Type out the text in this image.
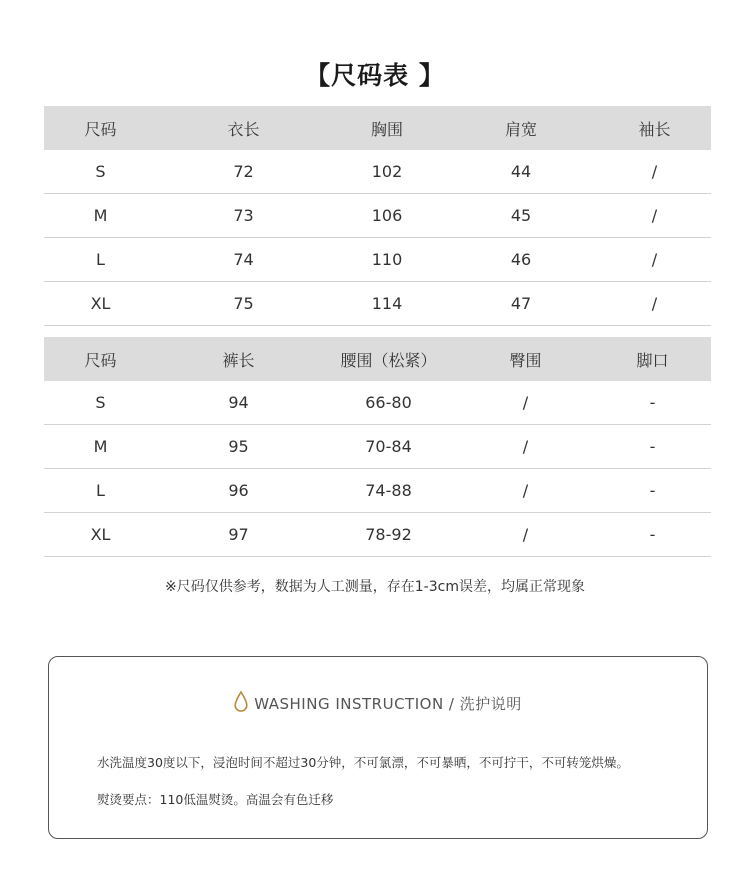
【尺码表 】
尺码	衣长	胸围	肩宽	袖长
S	72	102	44	/
M	73	106	45	/
L	74	110	46	/
XL	75	114	47	/
尺码	裤长	腰围（松紧）	臀围	脚口
S	94	66-80	/	-
M	95	70-84	/	-
L	96	74-88	/	-
XL	97	78-92	/	-
※尺码仅供参考，数据为人工测量，存在1-3cm误差，均属正常现象
WASHING INSTRUCTION / 洗护说明
水洗温度30度以下，浸泡时间不超过30分钟，不可氯漂，不可暴晒，不可拧干，不可转笼烘燥。
熨烫要点：110低温熨烫。高温会有色迁移
